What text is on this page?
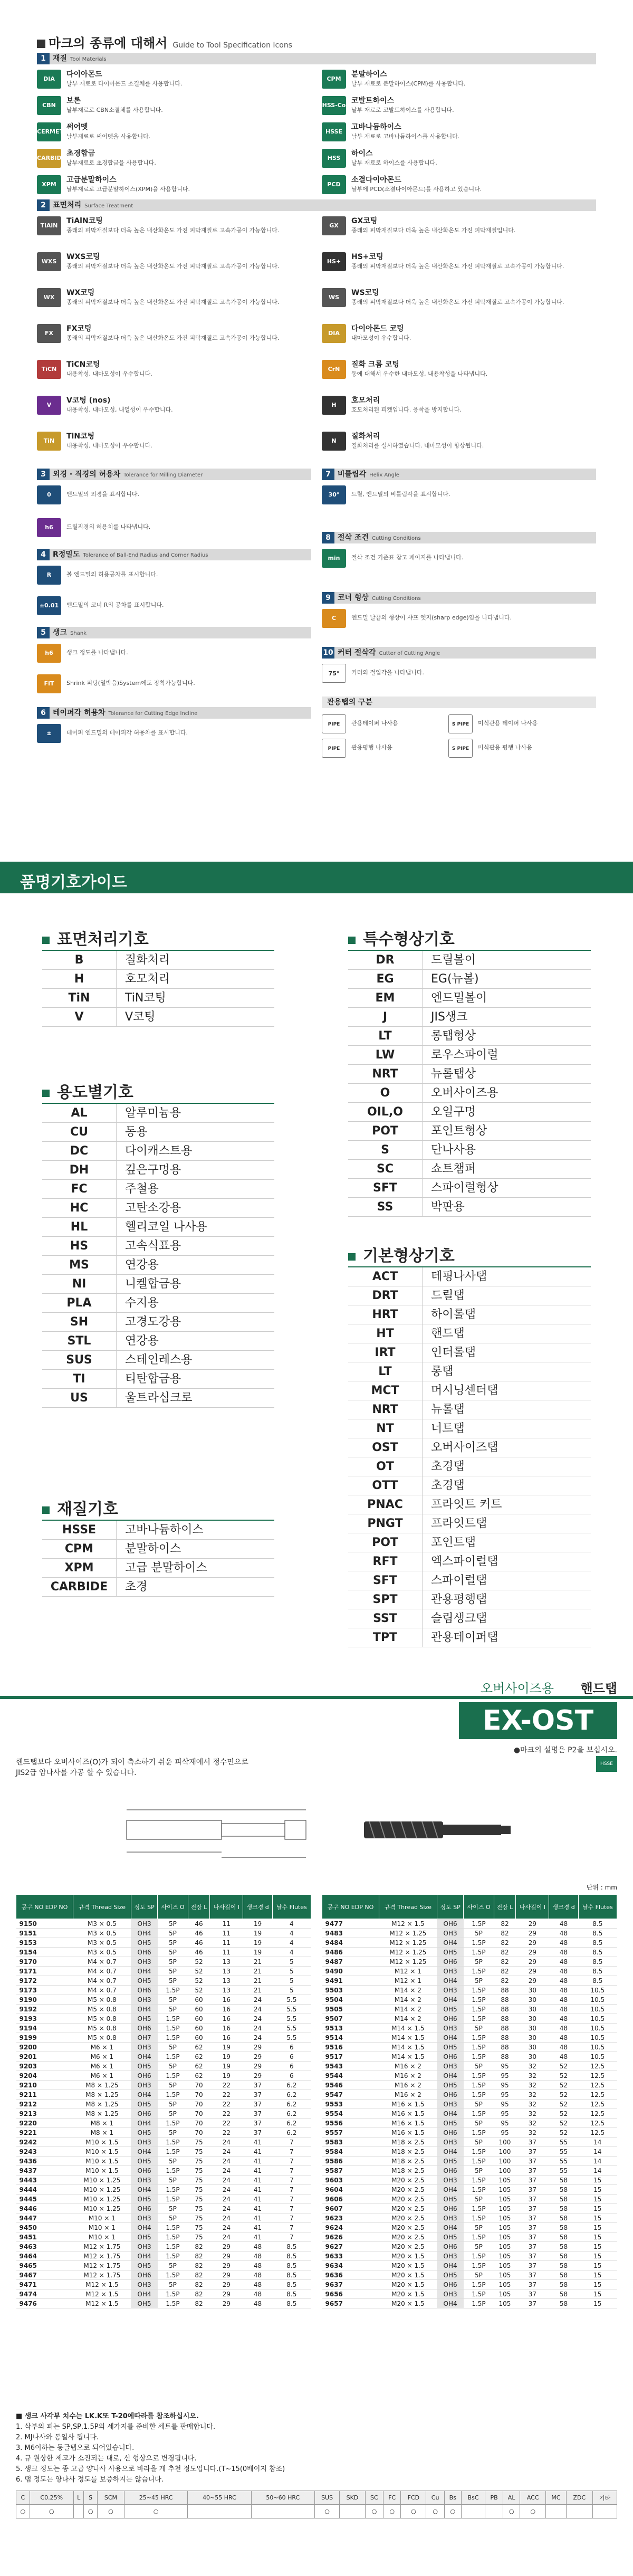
마크의 종류에 대해서 Guide to Tool Specification Icons
1 재질 Tool Materials
DIA
다이아몬드
날부 재료로 다이아몬드 소결체를 사용합니다.
CBN
보론
날부재료로 CBN소결체를 사용합니다.
CERMET
써어멧
날부재료로 써어멧을 사용합니다.
CARBIDE
초경합금
날부재료로 초경합금을 사용합니다.
XPM
고급분말하이스
날부재료로 고급분말하이스(XPM)을 사용합니다.
CPM
분말하이스
날부 재료로 분말하이스(CPM)를 사용합니다.
HSS-Co
코발트하이스
날부 재료로 코발트하이스를 사용합니다.
HSSE
고바나듐하이스
날부 재료로 고바나듐하이스를 사용합니다.
HSS
하이스
날부 재료로 하이스를 사용합니다.
PCD
소결다이아몬드
날부에 PCD(소결다이아몬드)를 사용하고 있습니다.
2 표면처리 Surface Treatment
TiAlN
TiAlN코팅
종래의 피막재질보다 더욱 높은 내산화온도 가진 피막재질로 고속가공이 가능합니다.
WXS
WXS코팅
종래의 피막재질보다 더욱 높은 내산화온도 가진 피막재질로 고속가공이 가능합니다.
WX
WX코팅
종래의 피막재질보다 더욱 높은 내산화온도 가진 피막재질로 고속가공이 가능합니다.
FX
FX코팅
종래의 피막재질보다 더욱 높은 내산화온도 가진 피막재질로 고속가공이 가능합니다.
TiCN
TiCN코팅
내용착성, 내마모성이 우수합니다.
V
V코팅 (nos)
내용착성, 내마모성, 내열성이 우수합니다.
TiN
TiN코팅
내용착성, 내마모성이 우수합니다.
GX
GX코팅
종래의 피막재질보다 더욱 높은 내산화온도 가진 피막재질입니다.
HS+
HS+코팅
종래의 피막재질보다 더욱 높은 내산화온도 가진 피막재질로 고속가공이 가능합니다.
WS
WS코팅
종래의 피막재질보다 더욱 높은 내산화온도 가진 피막재질로 고속가공이 가능합니다.
DIA
다이아몬드 코팅
내마모성이 우수합니다.
CrN
질화 크롬 코팅
동에 대해서 우수한 내마모성, 내용착성을 나타냅니다.
H
호모처리
호모처리된 피켓입니다. 응착을 방지합니다.
N
질화처리
질화처리를 실시하였습니다. 내마모성이 향상됩니다.
3 외경 · 직경의 허용차 Tolerance for Milling Diameter	7 비틀림각 Helix Angle
0	엔드밀의 외경을 표시합니다.
h6	드릴직경의 허용치를 나타냅니다.
30°	드릴, 엔드밀의 비틀림각을 표시합니다.
8 절삭 조건 Cutting Conditions
min	절삭 조건 기준표 참고 페이지를 나타냅니다.
4 R정밀도 Tolerance of Ball-End Radius and Corner Radius
R	볼 엔드밀의 허용공차를 표시합니다.
±0.01	엔드밀의 코너 R의 공차를 표시합니다.
9 코너 형상 Cutting Conditions
C	엔드밀 날끝의 형상이 샤프 엣지(sharp edge)임을 나타냅니다.
5 생크 Shank
h6	생크 정도를 나타냅니다.
FIT	Shrink 피팅(열박음)System에도 장착가능합니다.
10 커터 절삭각 Cutter of Cutting Angle
75°	커터의 절입각을 나타냅니다.
관용탭의 구분
PIPE	관용테이퍼 나사용
PIPE	관용평행 나사용
S PIPE	미식관용 테이퍼 나사용
S PIPE	미식관용 평행 나사용
6 테이퍼각 허용차 Tolerance for Cutting Edge Incline
±	테이퍼 엔드밀의 테이퍼각 허용차를 표시합니다.
품명기호가이드
표면처리기호
B	질화처리
H	호모처리
TiN	TiN코팅
V	V코팅
용도별기호
AL	알루미늄용
CU	동용
DC	다이캐스트용
DH	깊은구멍용
FC	주철용
HC	고탄소강용
HL	헬리코일 나사용
HS	고속식표용
MS	연강용
NI	니켈합금용
PLA	수지용
SH	고경도강용
STL	연강용
SUS	스테인레스용
TI	티탄합금용
US	울트라심크로
재질기호
HSSE	고바나듐하이스
CPM	분말하이스
XPM	고급 분말하이스
CARBIDE	초경
특수형상기호
DR	드릴볼이
EG	EG(뉴볼)
EM	엔드밀볼이
J	JIS생크
LT	롱탭형상
LW	로우스파이럴
NRT	뉴롤탭상
O	오버사이즈용
OIL,O	오일구멍
POT	포인트형상
S	단나사용
SC	쇼트챔퍼
SFT	스파이럴형상
SS	박판용
기본형상기호
ACT	테핑나사탭
DRT	드릴탭
HRT	하이롤탭
HT	핸드탭
IRT	인터롤탭
LT	롱탭
MCT	머시닝센터탭
NRT	뉴롤탭
NT	너트탭
OST	오버사이즈탭
OT	초경탭
OTT	초경탭
PNAC	프라잇트 커트
PNGT	프라잇트탭
POT	포인트탭
RFT	엑스파이럴탭
SFT	스파이럴탭
SPT	관용평행탭
SST	슬림생크탭
TPT	관용테이퍼탭
오버사이즈용 핸드탭
EX-OST
●마크의 설명은 P2을 보십시오.
HSSE
핸드탭보다 오버사이즈(O)가 되어 측소하기 쉬운 피삭재에서 정수면으로
JIS2급 암나사를 가공 할 수 있습니다.
단위 : mm
공구 NO EDP NO	규격 Thread Size	정도 SP	사이즈 O	전장 L	나사길이 l	생크경 d	날수 Flutes
9150	M3 × 0.5	OH3	5P	46	11	19	4
9151	M3 × 0.5	OH4	5P	46	11	19	4
9153	M3 × 0.5	OH5	5P	46	11	19	4
9154	M3 × 0.5	OH6	5P	46	11	19	4
9170	M4 × 0.7	OH3	5P	52	13	21	5
9171	M4 × 0.7	OH4	5P	52	13	21	5
9172	M4 × 0.7	OH5	5P	52	13	21	5
9173	M4 × 0.7	OH6	1.5P	52	13	21	5
9190	M5 × 0.8	OH3	5P	60	16	24	5.5
9192	M5 × 0.8	OH4	5P	60	16	24	5.5
9193	M5 × 0.8	OH5	1.5P	60	16	24	5.5
9194	M5 × 0.8	OH6	1.5P	60	16	24	5.5
9199	M5 × 0.8	OH7	1.5P	60	16	24	5.5
9200	M6 × 1	OH3	5P	62	19	29	6
9201	M6 × 1	OH4	1.5P	62	19	29	6
9203	M6 × 1	OH5	5P	62	19	29	6
9204	M6 × 1	OH6	1.5P	62	19	29	6
9210	M8 × 1.25	OH3	5P	70	22	37	6.2
9211	M8 × 1.25	OH4	1.5P	70	22	37	6.2
9212	M8 × 1.25	OH5	5P	70	22	37	6.2
9213	M8 × 1.25	OH6	5P	70	22	37	6.2
9220	M8 × 1	OH4	1.5P	70	22	37	6.2
9221	M8 × 1	OH5	5P	70	22	37	6.2
9242	M10 × 1.5	OH3	1.5P	75	24	41	7
9243	M10 × 1.5	OH4	1.5P	75	24	41	7
9436	M10 × 1.5	OH5	5P	75	24	41	7
9437	M10 × 1.5	OH6	1.5P	75	24	41	7
9443	M10 × 1.25	OH3	5P	75	24	41	7
9444	M10 × 1.25	OH4	1.5P	75	24	41	7
9445	M10 × 1.25	OH5	1.5P	75	24	41	7
9446	M10 × 1.25	OH6	5P	75	24	41	7
9447	M10 × 1	OH3	5P	75	24	41	7
9450	M10 × 1	OH4	1.5P	75	24	41	7
9451	M10 × 1	OH5	1.5P	75	24	41	7
9463	M12 × 1.75	OH3	1.5P	82	29	48	8.5
9464	M12 × 1.75	OH4	1.5P	82	29	48	8.5
9465	M12 × 1.75	OH5	5P	82	29	48	8.5
9467	M12 × 1.75	OH6	1.5P	82	29	48	8.5
9471	M12 × 1.5	OH3	5P	82	29	48	8.5
9474	M12 × 1.5	OH4	1.5P	82	29	48	8.5
9476	M12 × 1.5	OH5	1.5P	82	29	48	8.5
공구 NO EDP NO	규격 Thread Size	정도 SP	사이즈 O	전장 L	나사길이 l	생크경 d	날수 Flutes
9477	M12 × 1.5	OH6	1.5P	82	29	48	8.5
9483	M12 × 1.25	OH3	5P	82	29	48	8.5
9484	M12 × 1.25	OH4	1.5P	82	29	48	8.5
9486	M12 × 1.25	OH5	1.5P	82	29	48	8.5
9487	M12 × 1.25	OH6	5P	82	29	48	8.5
9490	M12 × 1	OH3	1.5P	82	29	48	8.5
9491	M12 × 1	OH4	5P	82	29	48	8.5
9503	M14 × 2	OH3	1.5P	88	30	48	10.5
9504	M14 × 2	OH4	1.5P	88	30	48	10.5
9505	M14 × 2	OH5	1.5P	88	30	48	10.5
9507	M14 × 2	OH6	1.5P	88	30	48	10.5
9513	M14 × 1.5	OH3	5P	88	30	48	10.5
9514	M14 × 1.5	OH4	1.5P	88	30	48	10.5
9516	M14 × 1.5	OH5	1.5P	88	30	48	10.5
9517	M14 × 1.5	OH6	1.5P	88	30	48	10.5
9543	M16 × 2	OH3	5P	95	32	52	12.5
9544	M16 × 2	OH4	1.5P	95	32	52	12.5
9546	M16 × 2	OH5	1.5P	95	32	52	12.5
9547	M16 × 2	OH6	1.5P	95	32	52	12.5
9553	M16 × 1.5	OH3	5P	95	32	52	12.5
9554	M16 × 1.5	OH4	1.5P	95	32	52	12.5
9556	M16 × 1.5	OH5	5P	95	32	52	12.5
9557	M16 × 1.5	OH6	1.5P	95	32	52	12.5
9583	M18 × 2.5	OH3	5P	100	37	55	14
9584	M18 × 2.5	OH4	1.5P	100	37	55	14
9586	M18 × 2.5	OH5	1.5P	100	37	55	14
9587	M18 × 2.5	OH6	5P	100	37	55	14
9603	M20 × 2.5	OH3	1.5P	105	37	58	15
9604	M20 × 2.5	OH4	1.5P	105	37	58	15
9606	M20 × 2.5	OH5	5P	105	37	58	15
9607	M20 × 2.5	OH6	1.5P	105	37	58	15
9623	M20 × 2.5	OH3	1.5P	105	37	58	15
9624	M20 × 2.5	OH4	5P	105	37	58	15
9626	M20 × 2.5	OH5	1.5P	105	37	58	15
9627	M20 × 2.5	OH6	5P	105	37	58	15
9633	M20 × 1.5	OH3	1.5P	105	37	58	15
9634	M20 × 1.5	OH4	1.5P	105	37	58	15
9636	M20 × 1.5	OH5	5P	105	37	58	15
9637	M20 × 1.5	OH6	1.5P	105	37	58	15
9656	M20 × 1.5	OH3	1.5P	105	37	58	15
9657	M20 × 1.5	OH4	1.5P	105	37	58	15
■ 생크 사각부 치수는 LK.K또 T-20에따라를 참조하십시오.
1. 삭부의 피는 SP,SP,1.5P의 세가지를 준비한 세트를 판매합니다.
2. MJ나사와 동일사 됩니다.
3. M6이하는 둥글탭으로 되어있습니다.
4. 규 원상한 제고가 소진되는 대로, 신 형상으로 변경됩니다.
5. 생크 정도는 종 고급 양나사 사용으로 바라을 게 추천 정도입니다.(T~15(0배이지 참조)
6. 탭 정도는 양나사 정도를 보증하지는 않습니다.
C	C0.25%	L	S	SCM	25~45 HRC	40~55 HRC	50~60 HRC	SUS	SKD	SC	FC	FCD	Cu	Bs	BsC	PB	AL	ACC	MC	ZDC	기타
○	○		○	○	○			○		○	○	○	○	○			○	○			
